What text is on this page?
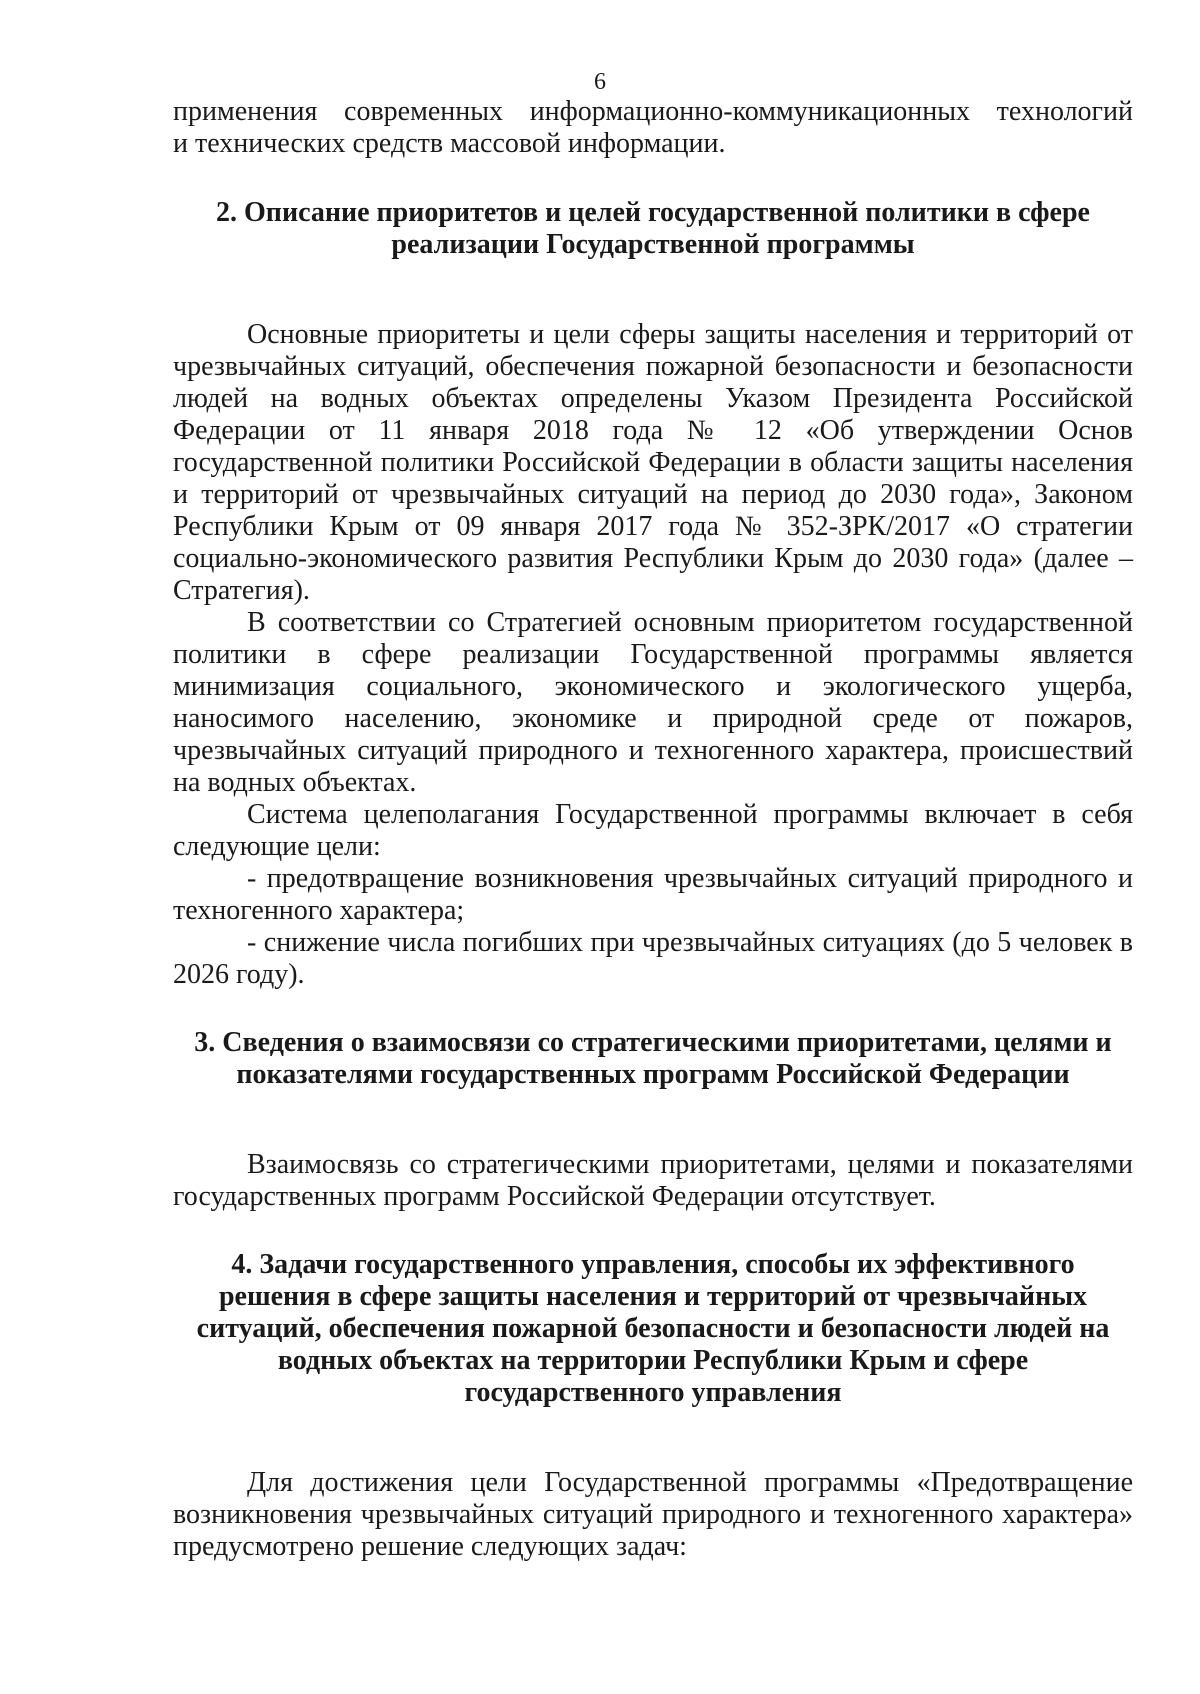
6

применения современных информационно-коммуникационных технологий
и технических средств массовой информации.

2. Описание приоритетов и целей государственной политики в сфере
реализации Государственной программы

Основные приоритеты и цели сферы защиты населения и территорий от чрезвычайных ситуаций, обеспечения пожарной безопасности и безопасности людей на водных объектах определены Указом Президента Российской Федерации от 11 января 2018 года № 12 «Об утверждении Основ государственной политики Российской Федерации в области защиты населения и территорий от чрезвычайных ситуаций на период до 2030 года», Законом Республики Крым от 09 января 2017 года № 352-ЗРК/2017 «О стратегии социально-экономического развития Республики Крым до 2030 года» (далее – Стратегия).

В соответствии со Стратегией основным приоритетом государственной политики в сфере реализации Государственной программы является минимизация социального, экономического и экологического ущерба, наносимого населению, экономике и природной среде от пожаров, чрезвычайных ситуаций природного и техногенного характера, происшествий на водных объектах.

Система целеполагания Государственной программы включает в себя следующие цели:

- предотвращение возникновения чрезвычайных ситуаций природного и техногенного характера;

- снижение числа погибших при чрезвычайных ситуациях (до 5 человек в 2026 году).

3. Сведения о взаимосвязи со стратегическими приоритетами, целями и
показателями государственных программ Российской Федерации

Взаимосвязь со стратегическими приоритетами, целями и показателями государственных программ Российской Федерации отсутствует.

4. Задачи государственного управления, способы их эффективного
решения в сфере защиты населения и территорий от чрезвычайных
ситуаций, обеспечения пожарной безопасности и безопасности людей на
водных объектах на территории Республики Крым и сфере
государственного управления

Для достижения цели Государственной программы «Предотвращение возникновения чрезвычайных ситуаций природного и техногенного характера» предусмотрено решение следующих задач:
